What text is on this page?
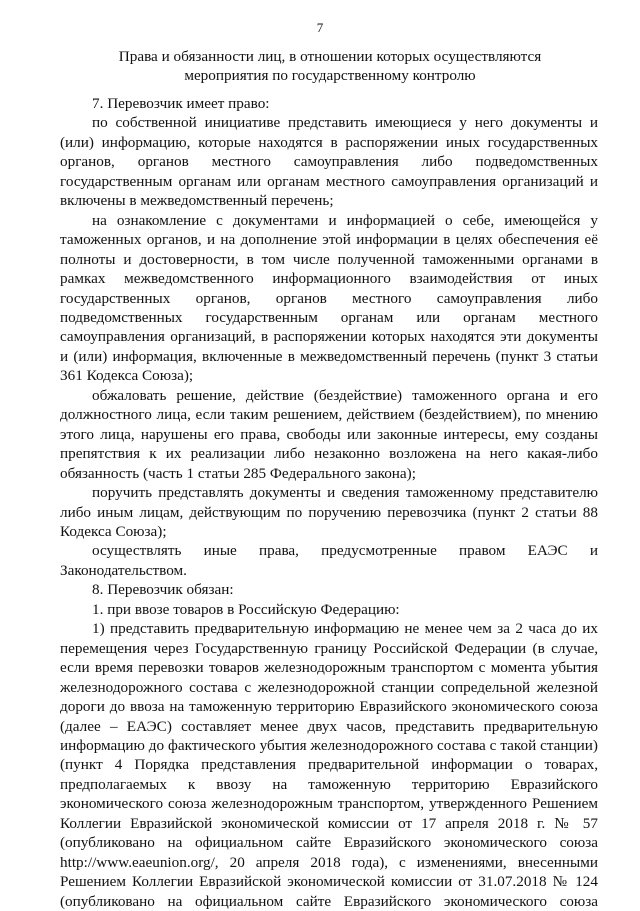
7
Права и обязанности лиц, в отношении которых осуществляются
мероприятия по государственному контролю

7. Перевозчик имеет право:

по собственной инициативе представить имеющиеся у него документы и (или) информацию, которые находятся в распоряжении иных государственных органов, органов местного самоуправления либо подведомственных государственным органам или органам местного самоуправления организаций и включены в межведомственный перечень;

на ознакомление с документами и информацией о себе, имеющейся у таможенных органов, и на дополнение этой информации в целях обеспечения её полноты и достоверности, в том числе полученной таможенными органами в рамках межведомственного информационного взаимодействия от иных государственных органов, органов местного самоуправления либо подведомственных государственным органам или органам местного самоуправления организаций, в распоряжении которых находятся эти документы и (или) информация, включенные в межведомственный перечень (пункт 3 статьи 361 Кодекса Союза);

обжаловать решение, действие (бездействие) таможенного органа и его должностного лица, если таким решением, действием (бездействием), по мнению этого лица, нарушены его права, свободы или законные интересы, ему созданы препятствия к их реализации либо незаконно возложена на него какая-либо обязанность (часть 1 статьи 285 Федерального закона);

поручить представлять документы и сведения таможенному представителю либо иным лицам, действующим по поручению перевозчика (пункт 2 статьи 88 Кодекса Союза);

осуществлять иные права, предусмотренные правом ЕАЭС и Законодательством.

8. Перевозчик обязан:

1. при ввозе товаров в Российскую Федерацию:

1) представить предварительную информацию не менее чем за 2 часа до их перемещения через Государственную границу Российской Федерации (в случае, если время перевозки товаров железнодорожным транспортом с момента убытия железнодорожного состава с железнодорожной станции сопредельной железной дороги до ввоза на таможенную территорию Евразийского экономического союза (далее – ЕАЭС) составляет менее двух часов, представить предварительную информацию до фактического убытия железнодорожного состава с такой станции) (пункт 4 Порядка представления предварительной информации о товарах, предполагаемых к ввозу на таможенную территорию Евразийского экономического союза железнодорожным транспортом, утвержденного Решением Коллегии Евразийской экономической комиссии от 17 апреля 2018 г. № 57 (опубликовано на официальном сайте Евразийского экономического союза http://www.eaeunion.org/, 20 апреля 2018 года), с изменениями, внесенными Решением Коллегии Евразийской экономической комиссии от 31.07.2018 № 124 (опубликовано на официальном сайте Евразийского экономического союза
